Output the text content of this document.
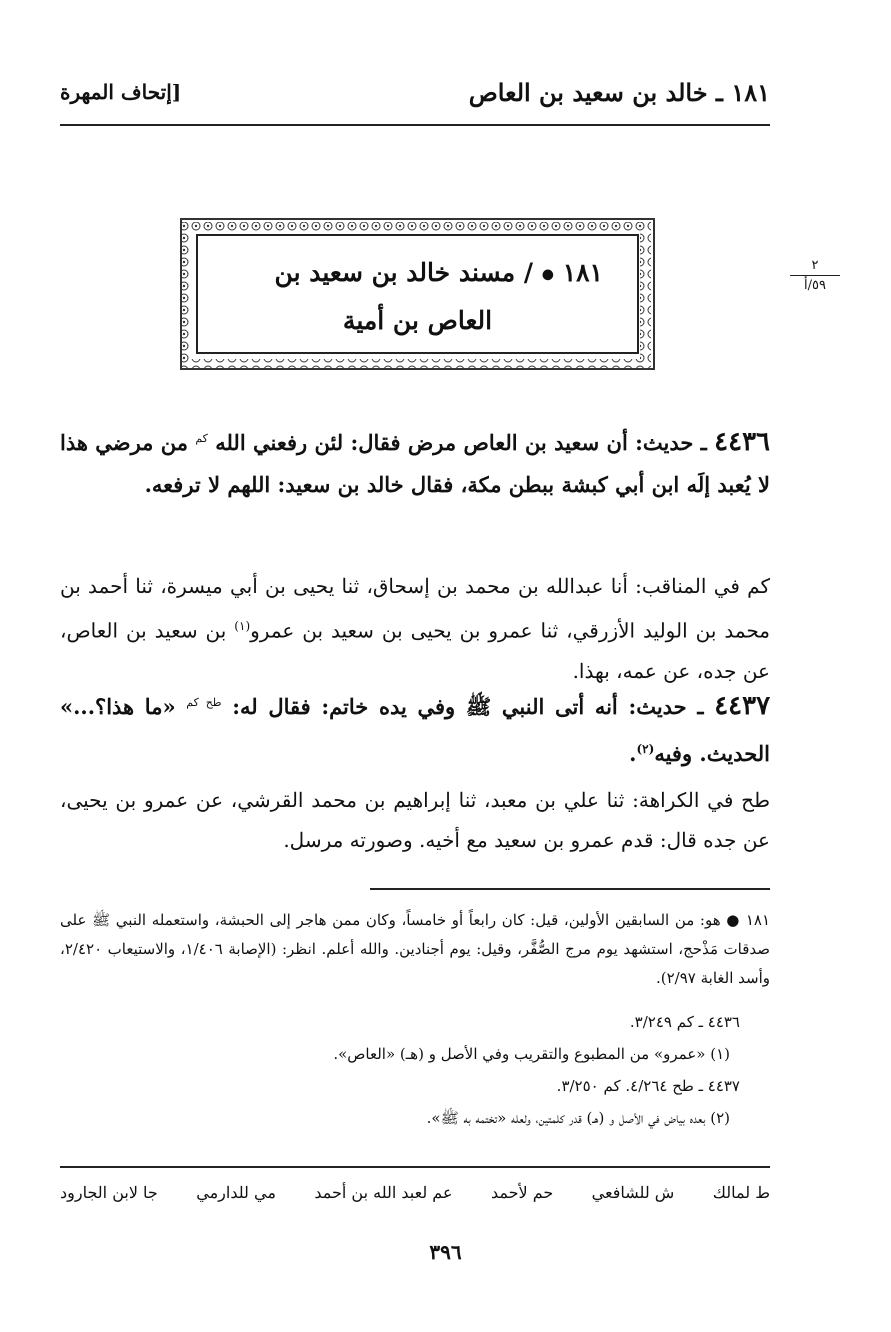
١٨١ ـ خالد بن سعيد بن العاص
[إتحاف المهرة
٢
٥٩/أ
١٨١ ● / مسند خالد بن سعيد بن
العاص بن أمية
٤٤٣٦ ـ حديث: أن سعيد بن العاص مرض فقال: لئن رفعني الله $^{كم}$ من مرضي هذا لا يُعبد إلَه ابن أبي كبشة ببطن مكة، فقال خالد بن سعيد: اللهم لا ترفعه.
كم في المناقب: أنا عبدالله بن محمد بن إسحاق، ثنا يحيى بن أبي ميسرة، ثنا أحمد بن محمد بن الوليد الأزرقي، ثنا عمرو بن يحيى بن سعيد بن عمرو$^{(١)}$ بن سعيد بن العاص، عن جده، عن عمه، بهذا.
٤٤٣٧ ـ حديث: أنه أتى النبي ﷺ وفي يده خاتم: فقال له: $^{طح كم}$ «ما هذا؟...» الحديث. وفيه$^{(٢)}$.
طح في الكراهة: ثنا علي بن معبد، ثنا إبراهيم بن محمد القرشي، عن عمرو بن يحيى، عن جده قال: قدم عمرو بن سعيد مع أخيه. وصورته مرسل.
١٨١ ● هو: من السابقين الأولين، قيل: كان رابعاً أو خامساً، وكان ممن هاجر إلى الحبشة، واستعمله النبي ﷺ على صدقات مَذْحج، استشهد يوم مرج الصُّفَّر، وقيل: يوم أجنادين. والله أعلم. انظر: (الإصابة ١/٤٠٦، والاستيعاب ٢/٤٢٠، وأسد الغابة ٢/٩٧).
٤٤٣٦ ـ كم ٣/٢٤٩.
(١) «عمرو» من المطبوع والتقريب وفي الأصل و (هـ) «العاص».
٤٤٣٧ ـ طح ٤/٢٦٤. كم ٣/٢٥٠.
(٢) بعده بياض في الأصل و (هـ) قدر كلمتين، ولعله «تختمه به ﷺ».
ط لمالك
ش للشافعي
حم لأحمد
عم لعبد الله بن أحمد
مي للدارمي
جا لابن الجارود
٣٩٦
